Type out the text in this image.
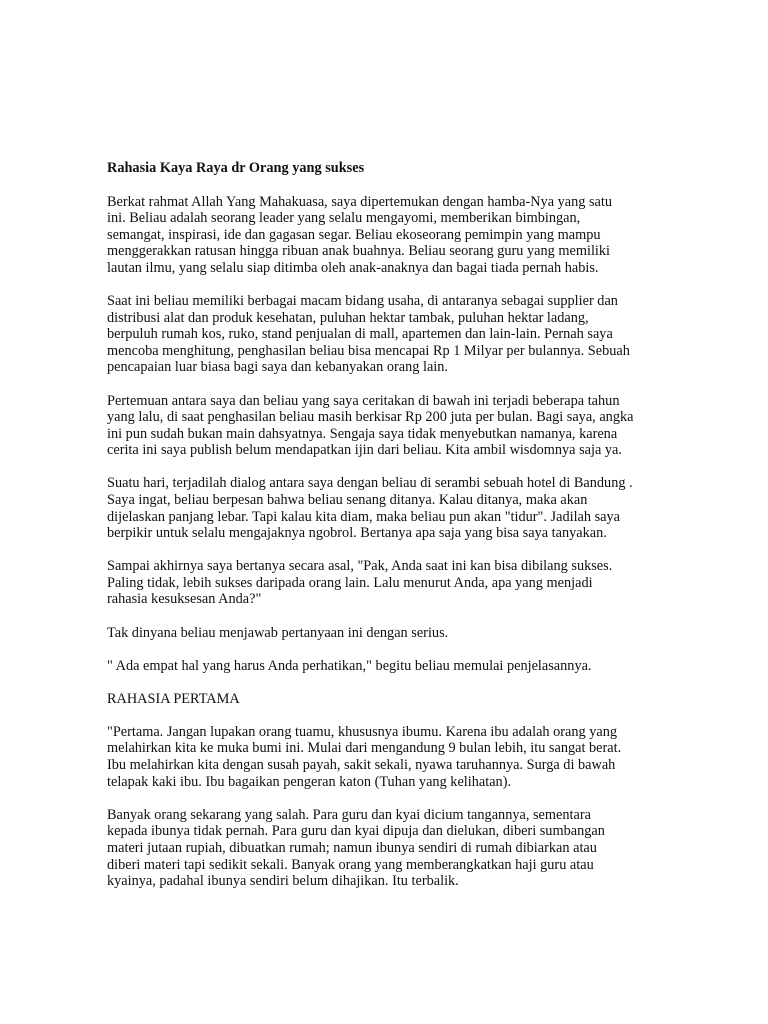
Rahasia Kaya Raya dr Orang yang sukses
Berkat rahmat Allah Yang Mahakuasa, saya dipertemukan dengan hamba-Nya yang satu
ini. Beliau adalah seorang leader yang selalu mengayomi, memberikan bimbingan,
semangat, inspirasi, ide dan gagasan segar. Beliau ekoseorang pemimpin yang mampu
menggerakkan ratusan hingga ribuan anak buahnya. Beliau seorang guru yang memiliki
lautan ilmu, yang selalu siap ditimba oleh anak-anaknya dan bagai tiada pernah habis.
Saat ini beliau memiliki berbagai macam bidang usaha, di antaranya sebagai supplier dan
distribusi alat dan produk kesehatan, puluhan hektar tambak, puluhan hektar ladang,
berpuluh rumah kos, ruko, stand penjualan di mall, apartemen dan lain-lain. Pernah saya
mencoba menghitung, penghasilan beliau bisa mencapai Rp 1 Milyar per bulannya. Sebuah
pencapaian luar biasa bagi saya dan kebanyakan orang lain.
Pertemuan antara saya dan beliau yang saya ceritakan di bawah ini terjadi beberapa tahun
yang lalu, di saat penghasilan beliau masih berkisar Rp 200 juta per bulan. Bagi saya, angka
ini pun sudah bukan main dahsyatnya. Sengaja saya tidak menyebutkan namanya, karena
cerita ini saya publish belum mendapatkan ijin dari beliau. Kita ambil wisdomnya saja ya.
Suatu hari, terjadilah dialog antara saya dengan beliau di serambi sebuah hotel di Bandung .
Saya ingat, beliau berpesan bahwa beliau senang ditanya. Kalau ditanya, maka akan
dijelaskan panjang lebar. Tapi kalau kita diam, maka beliau pun akan "tidur". Jadilah saya
berpikir untuk selalu mengajaknya ngobrol. Bertanya apa saja yang bisa saya tanyakan.
Sampai akhirnya saya bertanya secara asal, "Pak, Anda saat ini kan bisa dibilang sukses.
Paling tidak, lebih sukses daripada orang lain. Lalu menurut Anda, apa yang menjadi
rahasia kesuksesan Anda?"
Tak dinyana beliau menjawab pertanyaan ini dengan serius.
" Ada empat hal yang harus Anda perhatikan," begitu beliau memulai penjelasannya.
RAHASIA PERTAMA
"Pertama. Jangan lupakan orang tuamu, khususnya ibumu. Karena ibu adalah orang yang
melahirkan kita ke muka bumi ini. Mulai dari mengandung 9 bulan lebih, itu sangat berat.
Ibu melahirkan kita dengan susah payah, sakit sekali, nyawa taruhannya. Surga di bawah
telapak kaki ibu. Ibu bagaikan pengeran katon (Tuhan yang kelihatan).
Banyak orang sekarang yang salah. Para guru dan kyai dicium tangannya, sementara
kepada ibunya tidak pernah. Para guru dan kyai dipuja dan dielukan, diberi sumbangan
materi jutaan rupiah, dibuatkan rumah; namun ibunya sendiri di rumah dibiarkan atau
diberi materi tapi sedikit sekali. Banyak orang yang memberangkatkan haji guru atau
kyainya, padahal ibunya sendiri belum dihajikan. Itu terbalik.
